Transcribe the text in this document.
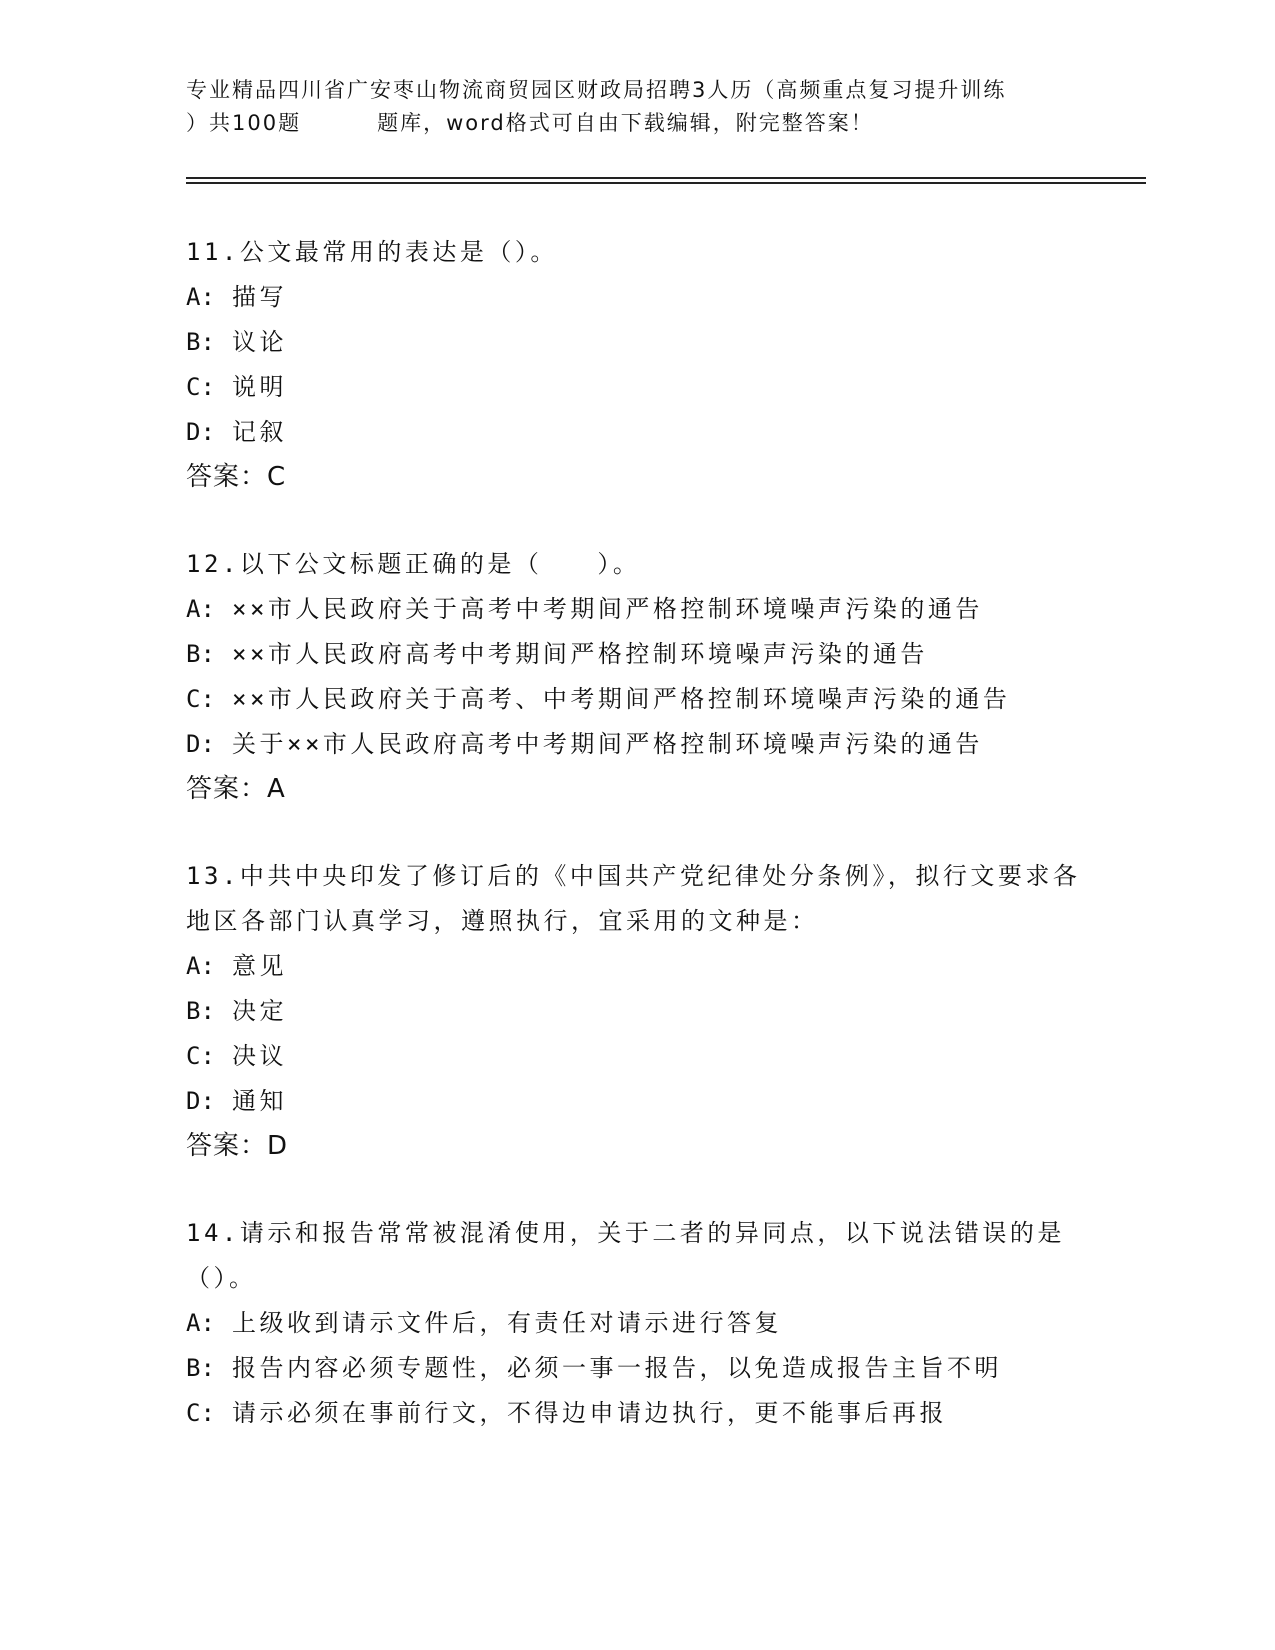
专业精品四川省广安枣山物流商贸园区财政局招聘3人历（高频重点复习提升训练
）共100题	题库，word格式可自由下载编辑，附完整答案！
11.公文最常用的表达是（）。
A: 描写
B: 议论
C: 说明
D: 记叙
答案：C
12.以下公文标题正确的是（　　）。
A: ××市人民政府关于高考中考期间严格控制环境噪声污染的通告
B: ××市人民政府高考中考期间严格控制环境噪声污染的通告
C: ××市人民政府关于高考、中考期间严格控制环境噪声污染的通告
D: 关于××市人民政府高考中考期间严格控制环境噪声污染的通告
答案：A
13.中共中央印发了修订后的《中国共产党纪律处分条例》，拟行文要求各地区各部门认真学习，遵照执行，宜采用的文种是：
A: 意见
B: 决定
C: 决议
D: 通知
答案：D
14.请示和报告常常被混淆使用，关于二者的异同点，以下说法错误的是（）。
A: 上级收到请示文件后，有责任对请示进行答复
B: 报告内容必须专题性，必须一事一报告，以免造成报告主旨不明
C: 请示必须在事前行文，不得边申请边执行，更不能事后再报
